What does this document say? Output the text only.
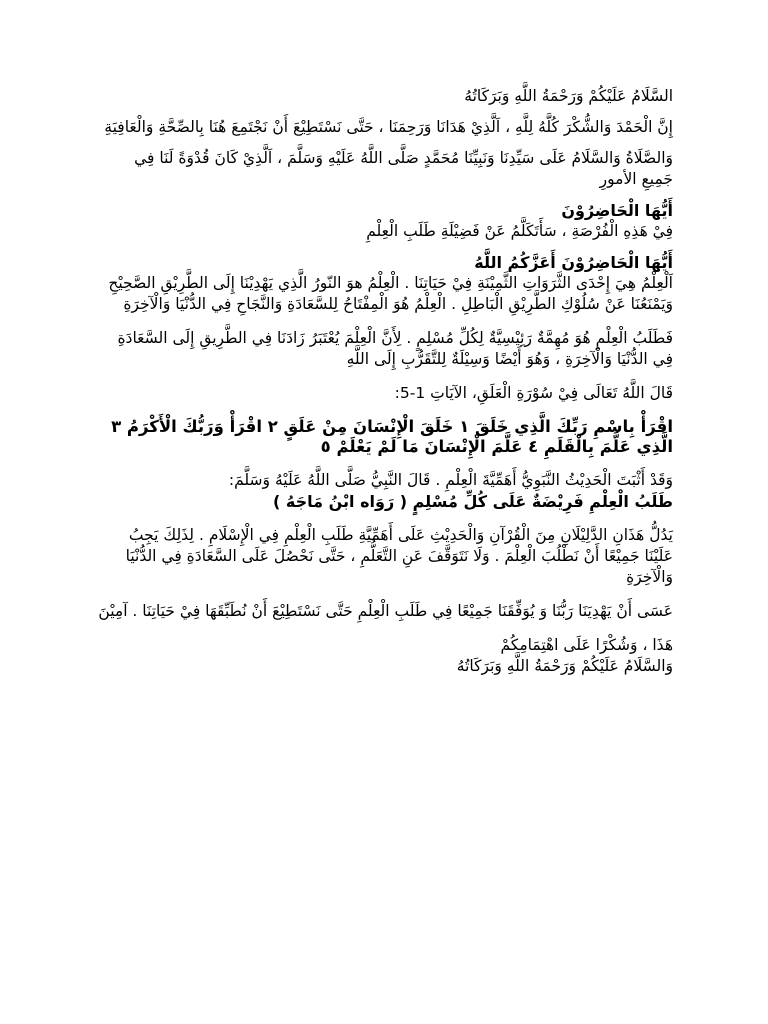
السَّلَامُ عَلَيْكُمْ وَرَحْمَةُ اللَّهِ وَبَرَكَاتُهُ

إِنَّ الْحَمْدَ وَالشُّكْرَ كُلَّهُ لِلَّهِ ، اَلَّذِيْ هَدَانَا وَرَحِمَنَا ، حَتَّى نَسْتَطِيْعَ أَنْ نَجْتَمِعَ هُنَا بِالصِّحَّةِ وَالْعَافِيَةِ

وَالصَّلَاةُ وَالسَّلَامُ عَلَى سَيِّدِنَا وَنَبِيِّنَا مُحَمَّدٍ صَلَّى اللَّهُ عَلَيْهِ وَسَلَّمَ ، اَلَّذِيْ كَانَ قُدْوَةً لَنَا فِي جَمِيعِ الأمورِ

أَيُّهَا الْحَاضِرُوْنَ

فِيْ هَذِهِ الْفُرْصَةِ ، سَأَتَكَلَّمُ عَنْ فَضِيْلَةِ طَلَبِ الْعِلْمِ

أَيُّهَا الْحَاضِرُوْنَ أَعَزَّكُمُ اللَّهُ

اَلْعِلْمُ هِيَ إِحْدَى الثَّرَوَاتِ الثَّمِيْنَةِ فِيْ حَيَاتِنَا . الْعِلْمُ هوَ النّورُ الَّذِي يَهْدِيْنَا إِلَى الطَّرِيْقِ الصَّحِيْحِ وَيَمْنَعُنَا عَنْ سُلُوْكِ الطَّرِيْقِ الْبَاطِلِ . الْعِلْمُ هُوَ الْمِفْتَاحُ لِلسَّعَادَةِ وَالنَّجَاحِ فِي الدُّنْيَا وَالْآخِرَةِ

فَطَلَبُ الْعِلْمِ هُوَ مُهِمَّةٌ رَئِيْسِيَّةٌ لِكُلِّ مُسْلِمٍ . لِأَنَّ الْعِلْمَ يُعْتَبَرُ زَادَنَا فِي الطَّرِيقِ إِلَى السَّعَادَةِ فِي الدُّنْيَا وَالْآخِرَةِ ، وَهُوَ أَيْضًا وَسِيْلَةٌ لِلتَّقَرُّبِ إِلَى اللَّهِ

قَالَ اللَّهُ تَعَالَى فِيْ سُوْرَةِ الْعَلَقِ، الآيَاتِ 1-5:

اقْرَأْ بِاسْمِ رَبِّكَ الَّذِي خَلَقَ ١ خَلَقَ الْإِنْسَانَ مِنْ عَلَقٍ ٢ اقْرَأْ وَرَبُّكَ الْأَكْرَمُ ٣ الَّذِي عَلَّمَ بِالْقَلَمِ ٤ عَلَّمَ الْإِنْسَانَ مَا لَمْ يَعْلَمْ ٥

وَقَدْ أَثْبَتَ الْحَدِيْثُ النَّبَوِيُّ أَهَمِّيَّةَ الْعِلْمِ . قَالَ النَّبِيُّ صَلَّى اللَّهُ عَلَيْهُ وَسَلَّمَ:

طَلَبُ الْعِلْمِ فَرِيْضَةٌ عَلَى كُلِّ مُسْلِمٍ ( رَوَاه ابْنُ مَاجَهُ )

يَدُلُّ هَذَانِ الدَّلِيْلَانِ مِنَ الْقُرْآنِ وَالْحَدِيْثِ عَلَى أَهَمِّيَّةِ طَلَبِ الْعِلْمِ فِي الْإِسْلَامِ . لِذَلِكَ يَجِبُ عَلَيْنَا جَمِيْعًا أَنْ نَطْلُبَ الْعِلْمَ . وَلَا نَتَوَقَّفَ عَنِ التَّعَلُّمِ ، حَتَّى نَحْصُلَ عَلَى السَّعَادَةِ فِي الدُّنْيَا وَالْآخِرَةِ

عَسَى أَنْ يَهْدِيَنَا رَبُّنَا وَ يُوَفِّقَنَا جَمِيْعًا فِي طَلَبِ الْعِلْمِ حَتَّى نَسْتَطِيْعَ أَنْ نُطَبِّقَهَا فِيْ حَيَاتِنَا . آمِيْنَ

هَذَا ، وَشُكْرًا عَلَى اهْتِمَامِكُمْ

وَالسَّلَامُ عَلَيْكُمْ وَرَحْمَةُ اللَّهِ وَبَرَكَاتُهُ
